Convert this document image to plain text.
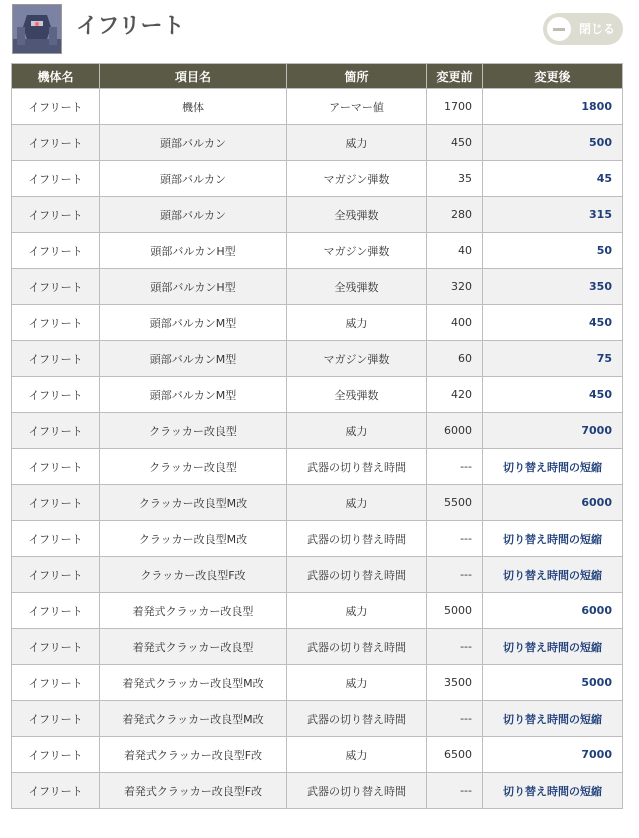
イフリート	閉じる
機体名	項目名	箇所	変更前	変更後
イフリート	機体	アーマー値	1700	1800
イフリート	頭部バルカン	威力	450	500
イフリート	頭部バルカン	マガジン弾数	35	45
イフリート	頭部バルカン	全残弾数	280	315
イフリート	頭部バルカンH型	マガジン弾数	40	50
イフリート	頭部バルカンH型	全残弾数	320	350
イフリート	頭部バルカンM型	威力	400	450
イフリート	頭部バルカンM型	マガジン弾数	60	75
イフリート	頭部バルカンM型	全残弾数	420	450
イフリート	クラッカー改良型	威力	6000	7000
イフリート	クラッカー改良型	武器の切り替え時間	---	切り替え時間の短縮
イフリート	クラッカー改良型M改	威力	5500	6000
イフリート	クラッカー改良型M改	武器の切り替え時間	---	切り替え時間の短縮
イフリート	クラッカー改良型F改	武器の切り替え時間	---	切り替え時間の短縮
イフリート	着発式クラッカー改良型	威力	5000	6000
イフリート	着発式クラッカー改良型	武器の切り替え時間	---	切り替え時間の短縮
イフリート	着発式クラッカー改良型M改	威力	3500	5000
イフリート	着発式クラッカー改良型M改	武器の切り替え時間	---	切り替え時間の短縮
イフリート	着発式クラッカー改良型F改	威力	6500	7000
イフリート	着発式クラッカー改良型F改	武器の切り替え時間	---	切り替え時間の短縮
